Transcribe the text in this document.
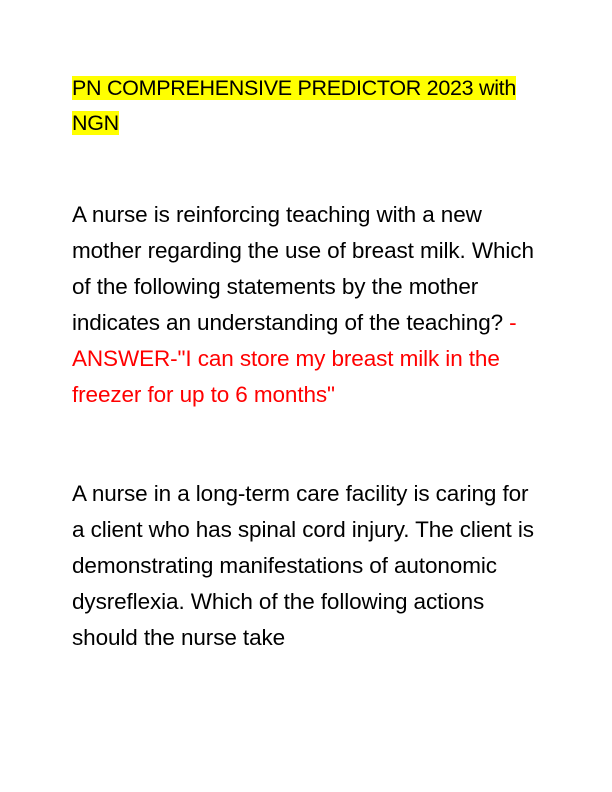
PN COMPREHENSIVE PREDICTOR 2023 with NGN
A nurse is reinforcing teaching with a new mother regarding the use of breast milk. Which of the following statements by the mother indicates an understanding of the teaching? - ANSWER-"I can store my breast milk in the freezer for up to 6 months"
A nurse in a long-term care facility is caring for a client who has spinal cord injury. The client is demonstrating manifestations of autonomic dysreflexia. Which of the following actions should the nurse take
